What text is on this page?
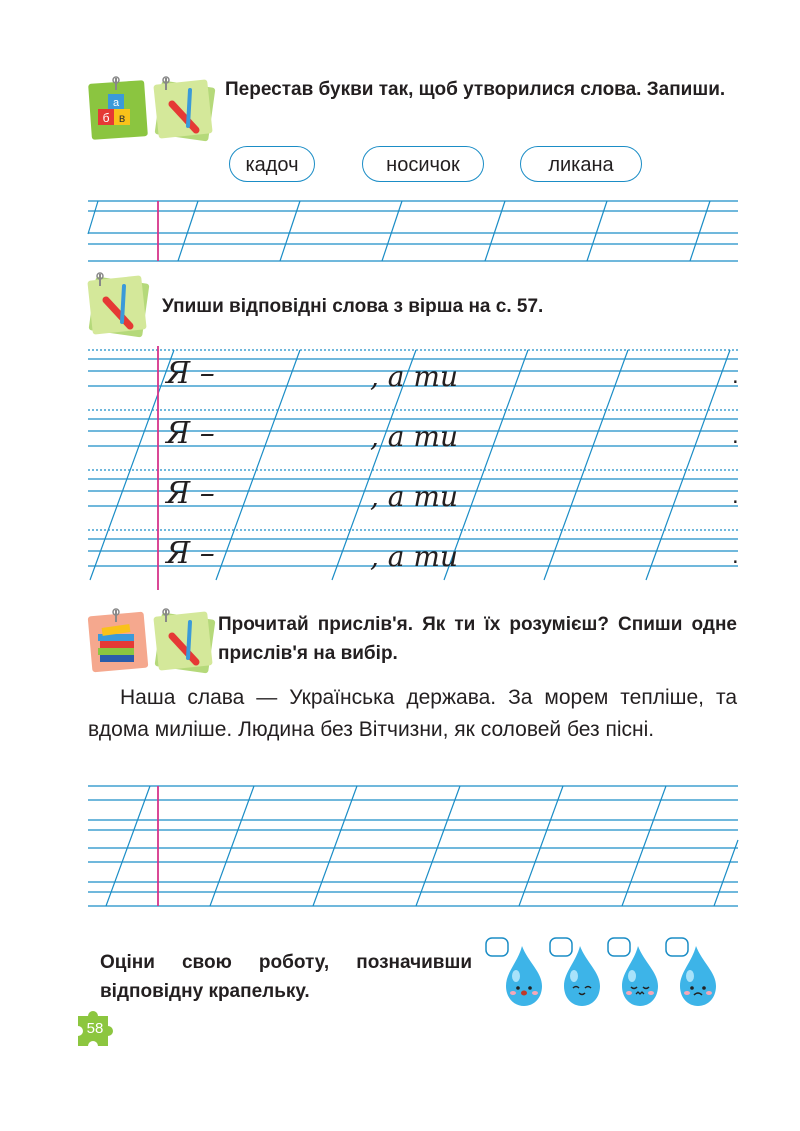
а
б в
Перестав букви так, щоб утворилися слова. Запиши.
кадоч	носичок	ликана
Упиши відповідні слова з вірша на с. 57.
Я –	, а ти	.
Я –	, а ти	.
Я –	, а ти	.
Я –	, а ти	.
Прочитай прислів'я. Як ти їх розумієш? Спиши одне прислів'я на вибір.
Наша слава — Українська держава. За морем тепліше, та вдома миліше. Людина без Вітчизни, як соловей без пісні.
Оціни свою роботу, позначивши відповідну крапельку.
58
